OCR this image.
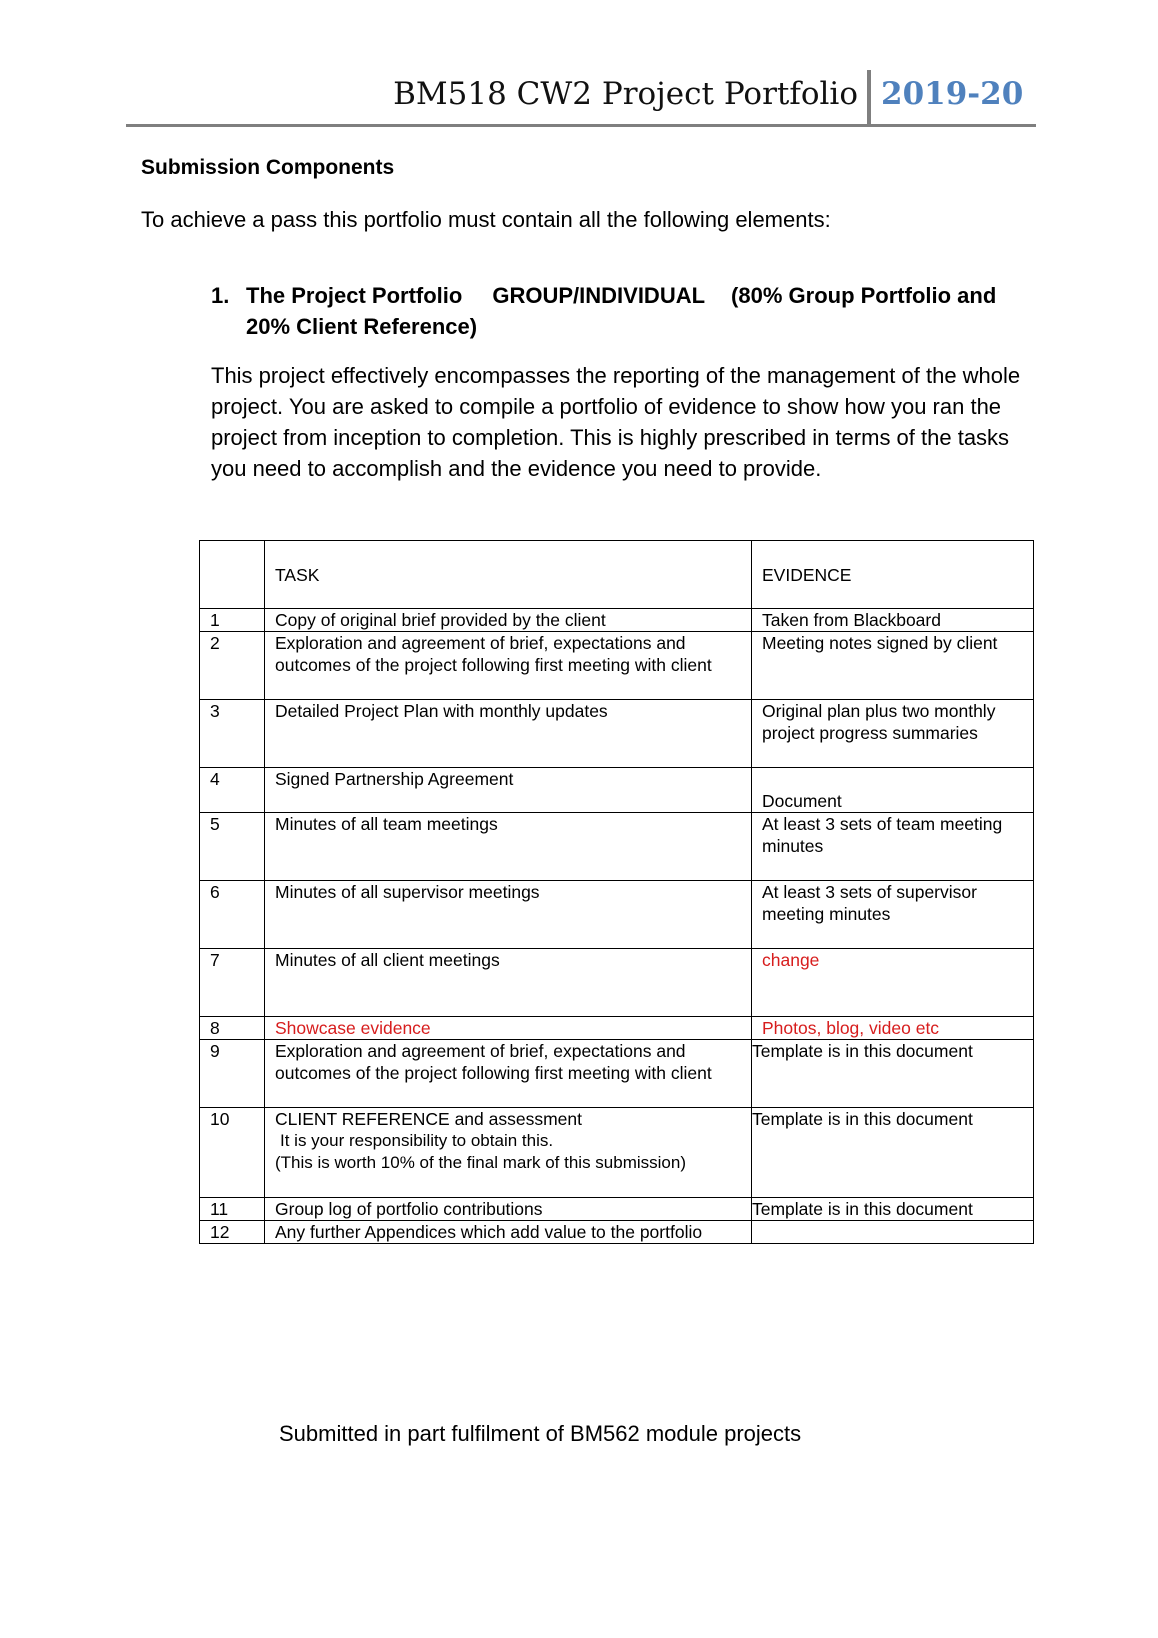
BM518 CW2 Project Portfolio 2019-20
Submission Components
To achieve a pass this portfolio must contain all the following elements:
1. The Project Portfolio GROUP/INDIVIDUAL (80% Group Portfolio and 20% Client Reference)
This project effectively encompasses the reporting of the management of the whole project. You are asked to compile a portfolio of evidence to show how you ran the project from inception to completion. This is highly prescribed in terms of the tasks you need to accomplish and the evidence you need to provide.
	TASK	EVIDENCE
1	Copy of original brief provided by the client	Taken from Blackboard
2	Exploration and agreement of brief, expectations and outcomes of the project following first meeting with client	Meeting notes signed by client
3	Detailed Project Plan with monthly updates	Original plan plus two monthly project progress summaries
4	Signed Partnership Agreement	Document
5	Minutes of all team meetings	At least 3 sets of team meeting minutes
6	Minutes of all supervisor meetings	At least 3 sets of supervisor meeting minutes
7	Minutes of all client meetings	change
8	Showcase evidence	Photos, blog, video etc
9	Exploration and agreement of brief, expectations and outcomes of the project following first meeting with client	Template is in this document
10	CLIENT REFERENCE and assessment
It is your responsibility to obtain this.
(This is worth 10% of the final mark of this submission)	Template is in this document
11	Group log of portfolio contributions	Template is in this document
12	Any further Appendices which add value to the portfolio	
Submitted in part fulfilment of BM562 module projects
